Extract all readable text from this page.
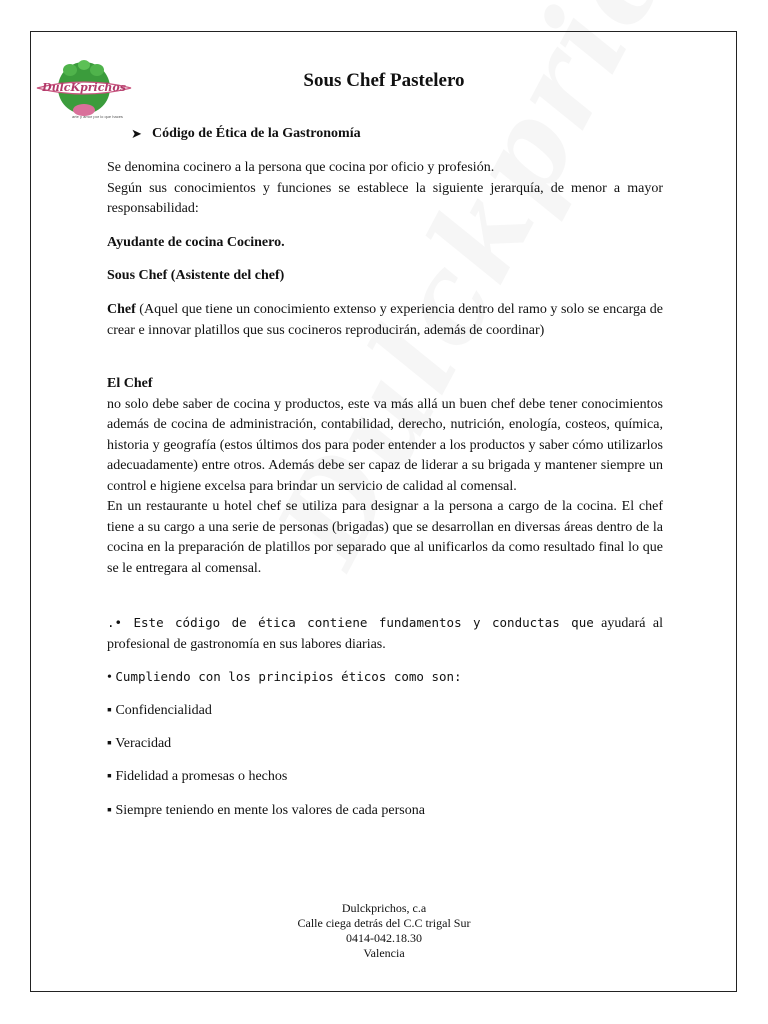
DulcKprichos
arte y amor por lo que haces
Sous Chef Pastelero
➤ Código de Ética de la Gastronomía

Se denomina cocinero a la persona que cocina por oficio y profesión.

Según sus conocimientos y funciones se establece la siguiente jerarquía, de menor a mayor responsabilidad:

Ayudante de cocina Cocinero.
Sous Chef (Asistente del chef)
Chef (Aquel que tiene un conocimiento extenso y experiencia dentro del ramo y solo se encarga de crear e innovar platillos que sus cocineros reproducirán, además de coordinar)

El Chef

no solo debe saber de cocina y productos, este va más allá un buen chef debe tener conocimientos además de cocina de administración, contabilidad, derecho, nutrición, enología, costeos, química, historia y geografía (estos últimos dos para poder entender a los productos y saber cómo utilizarlos adecuadamente) entre otros. Además debe ser capaz de liderar a su brigada y mantener siempre un control e higiene excelsa para brindar un servicio de calidad al comensal.

En un restaurante u hotel chef se utiliza para designar a la persona a cargo de la cocina. El chef tiene a su cargo a una serie de personas (brigadas) que se desarrollan en diversas áreas dentro de la cocina en la preparación de platillos por separado que al unificarlos da como resultado final lo que se le entregara al comensal.

.• Este código de ética contiene fundamentos y conductas que ayudará al profesional de gastronomía en sus labores diarias.
• Cumpliendo con los principios éticos como son:
▪ Confidencialidad
▪ Veracidad
▪ Fidelidad a promesas o hechos
▪ Siempre teniendo en mente los valores de cada persona
Dulckprichos, c.a
Calle ciega detrás del C.C trigal Sur
0414-042.18.30
Valencia
